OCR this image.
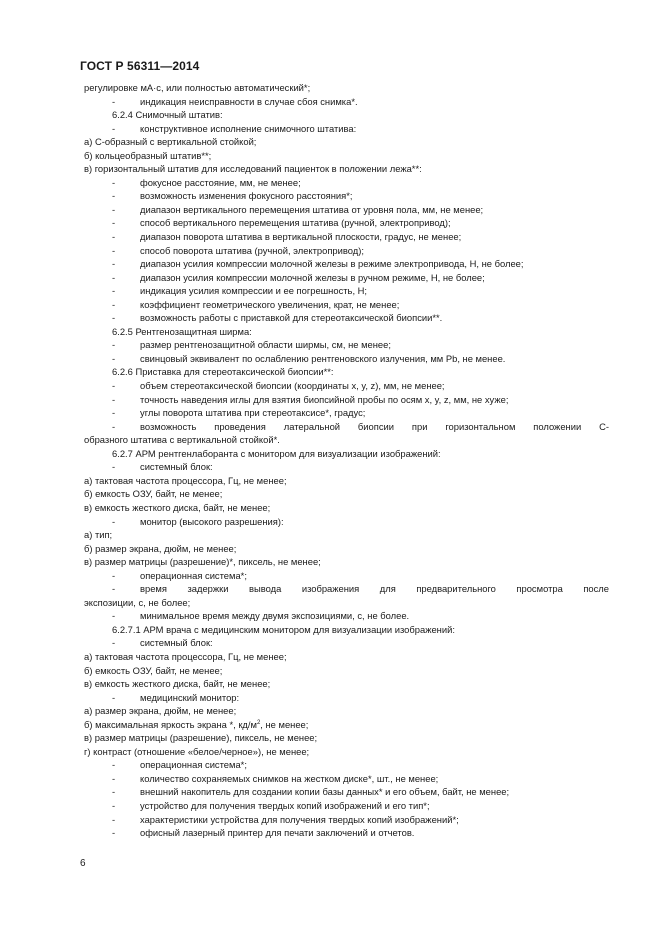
ГОСТ Р 56311—2014
регулировке мА·с, или полностью автоматический*;
- индикация неисправности в случае сбоя снимка*.
6.2.4 Снимочный штатив:
- конструктивное исполнение снимочного штатива:
а) С-образный с вертикальной стойкой;
б) кольцеобразный штатив**;
в) горизонтальный штатив для исследований пациенток в положении лежа**:
- фокусное расстояние, мм, не менее;
- возможность изменения фокусного расстояния*;
- диапазон вертикального перемещения штатива от уровня пола, мм, не менее;
- способ вертикального перемещения штатива (ручной, электропривод);
- диапазон поворота штатива в вертикальной плоскости, градус, не менее;
- способ поворота штатива (ручной, электропривод);
- диапазон усилия компрессии молочной железы в режиме электропривода, Н, не более;
- диапазон усилия компрессии молочной железы в ручном режиме, Н, не более;
- индикация усилия компрессии и ее погрешность, Н;
- коэффициент геометрического увеличения, крат, не менее;
- возможность работы с приставкой для стереотаксической биопсии**.
6.2.5 Рентгенозащитная ширма:
- размер рентгенозащитной области ширмы, см, не менее;
- свинцовый эквивалент по ослаблению рентгеновского излучения, мм Pb, не менее.
6.2.6 Приставка для стереотаксической биопсии**:
- объем стереотаксической биопсии (координаты x, y, z), мм, не менее;
- точность наведения иглы для взятия биопсийной пробы по осям x, y, z, мм, не хуже;
- углы поворота штатива при стереотаксисе*, градус;
- возможность проведения латеральной биопсии при горизонтальном положении С-
образного штатива с вертикальной стойкой*.
6.2.7 АРМ рентгенлаборанта с монитором для визуализации изображений:
- системный блок:
а) тактовая частота процессора, Гц, не менее;
б) емкость ОЗУ, байт, не менее;
в) емкость жесткого диска, байт, не менее;
- монитор (высокого разрешения):
а) тип;
б) размер экрана, дюйм, не менее;
в) размер матрицы (разрешение)*, пиксель, не менее;
- операционная система*;
- время задержки вывода изображения для предварительного просмотра после
экспозиции, с, не более;
- минимальное время между двумя экспозициями, с, не более.
6.2.7.1 АРМ врача с медицинским монитором для визуализации изображений:
- системный блок:
а) тактовая частота процессора, Гц, не менее;
б) емкость ОЗУ, байт, не менее;
в) емкость жесткого диска, байт, не менее;
- медицинский монитор:
а) размер экрана, дюйм, не менее;
б) максимальная яркость экрана *, $кд/м^2$, не менее;
в) размер матрицы (разрешение), пиксель, не менее;
г) контраст (отношение «белое/черное»), не менее;
- операционная система*;
- количество сохраняемых снимков на жестком диске*, шт., не менее;
- внешний накопитель для создании копии базы данных* и его объем, байт, не менее;
- устройство для получения твердых копий изображений и его тип*;
- характеристики устройства для получения твердых копий изображений*;
- офисный лазерный принтер для печати заключений и отчетов.
6
